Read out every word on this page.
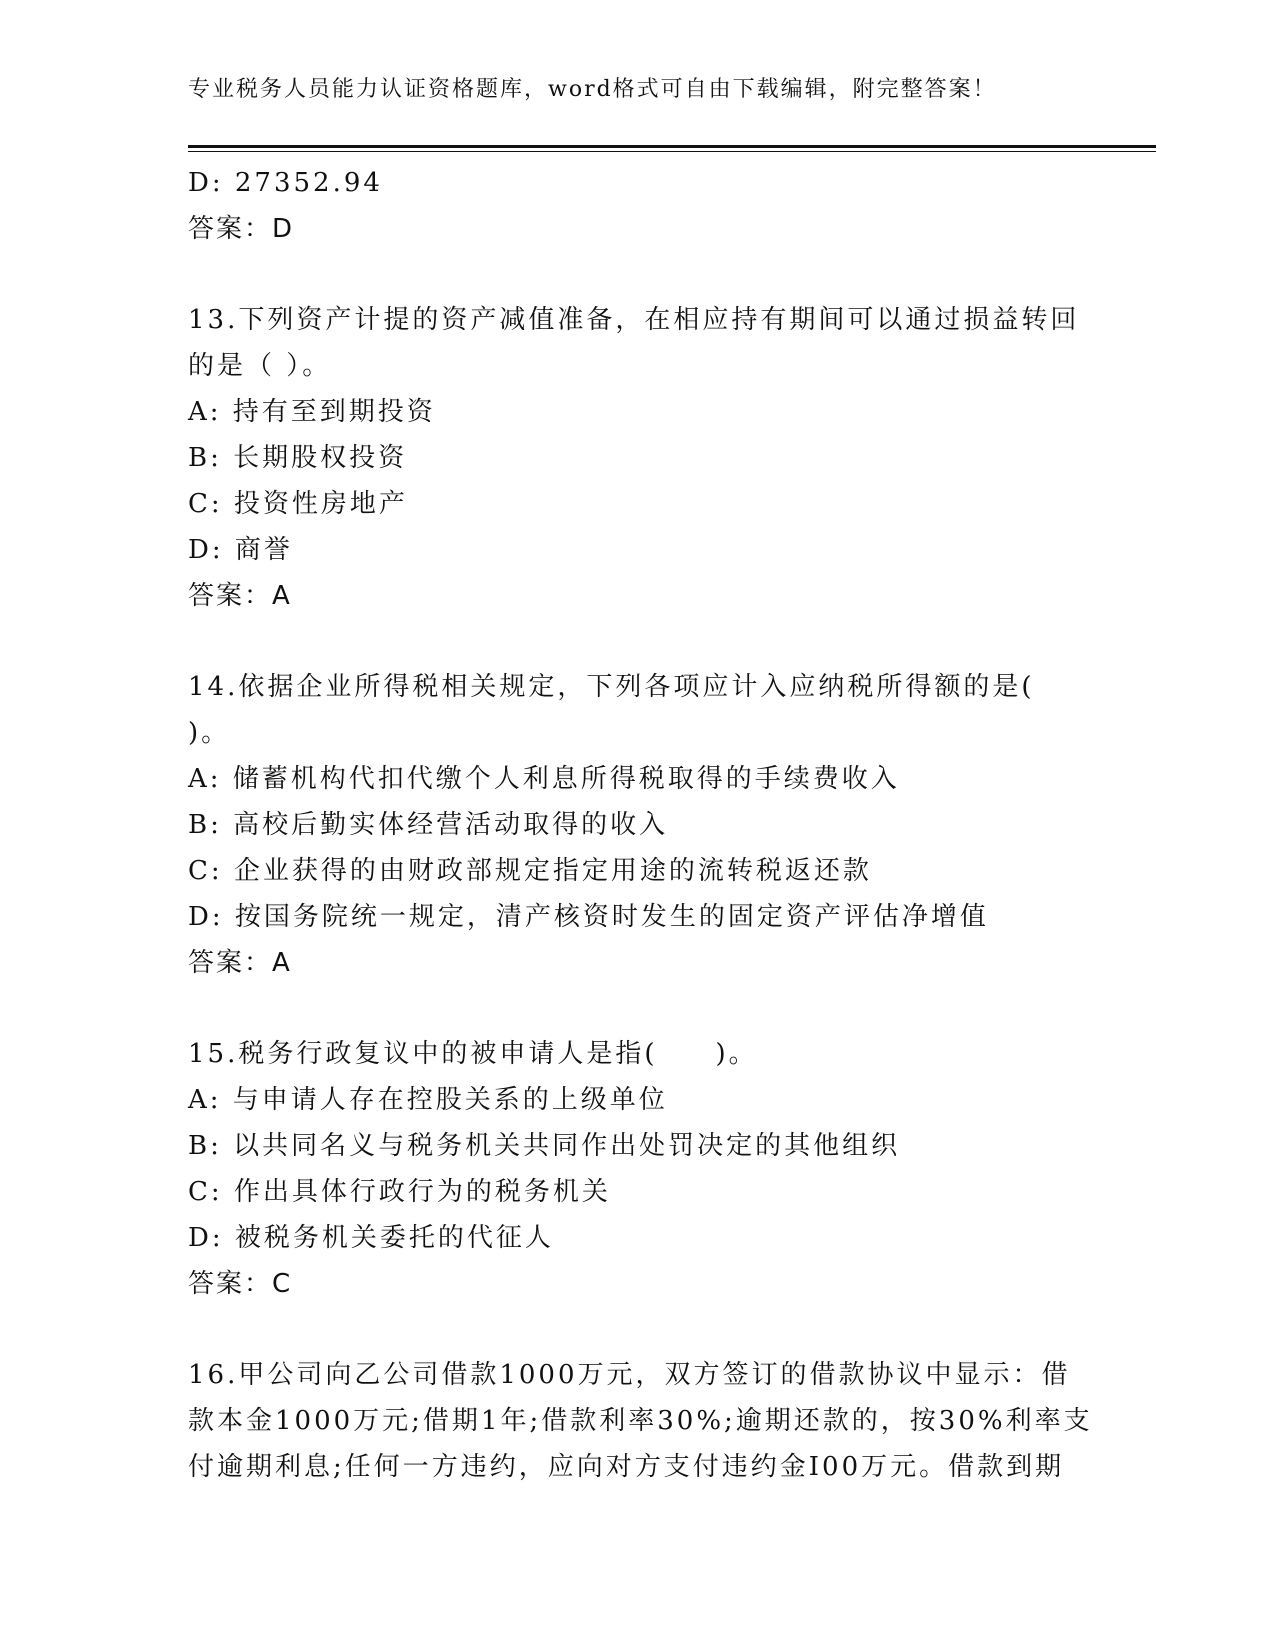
专业税务人员能力认证资格题库，word格式可自由下载编辑，附完整答案！
D: 27352.94
答案：D
13.下列资产计提的资产减值准备，在相应持有期间可以通过损益转回
的是（ ）。
A: 持有至到期投资
B: 长期股权投资
C: 投资性房地产
D: 商誉
答案：A
14.依据企业所得税相关规定，下列各项应计入应纳税所得额的是(
)。
A: 储蓄机构代扣代缴个人利息所得税取得的手续费收入
B: 高校后勤实体经营活动取得的收入
C: 企业获得的由财政部规定指定用途的流转税返还款
D: 按国务院统一规定，清产核资时发生的固定资产评估净增值
答案：A
15.税务行政复议中的被申请人是指(　　)。
A: 与申请人存在控股关系的上级单位
B: 以共同名义与税务机关共同作出处罚决定的其他组织
C: 作出具体行政行为的税务机关
D: 被税务机关委托的代征人
答案：C
16.甲公司向乙公司借款1000万元，双方签订的借款协议中显示：借
款本金1000万元;借期1年;借款利率30%;逾期还款的，按30%利率支
付逾期利息;任何一方违约，应向对方支付违约金I00万元。借款到期
